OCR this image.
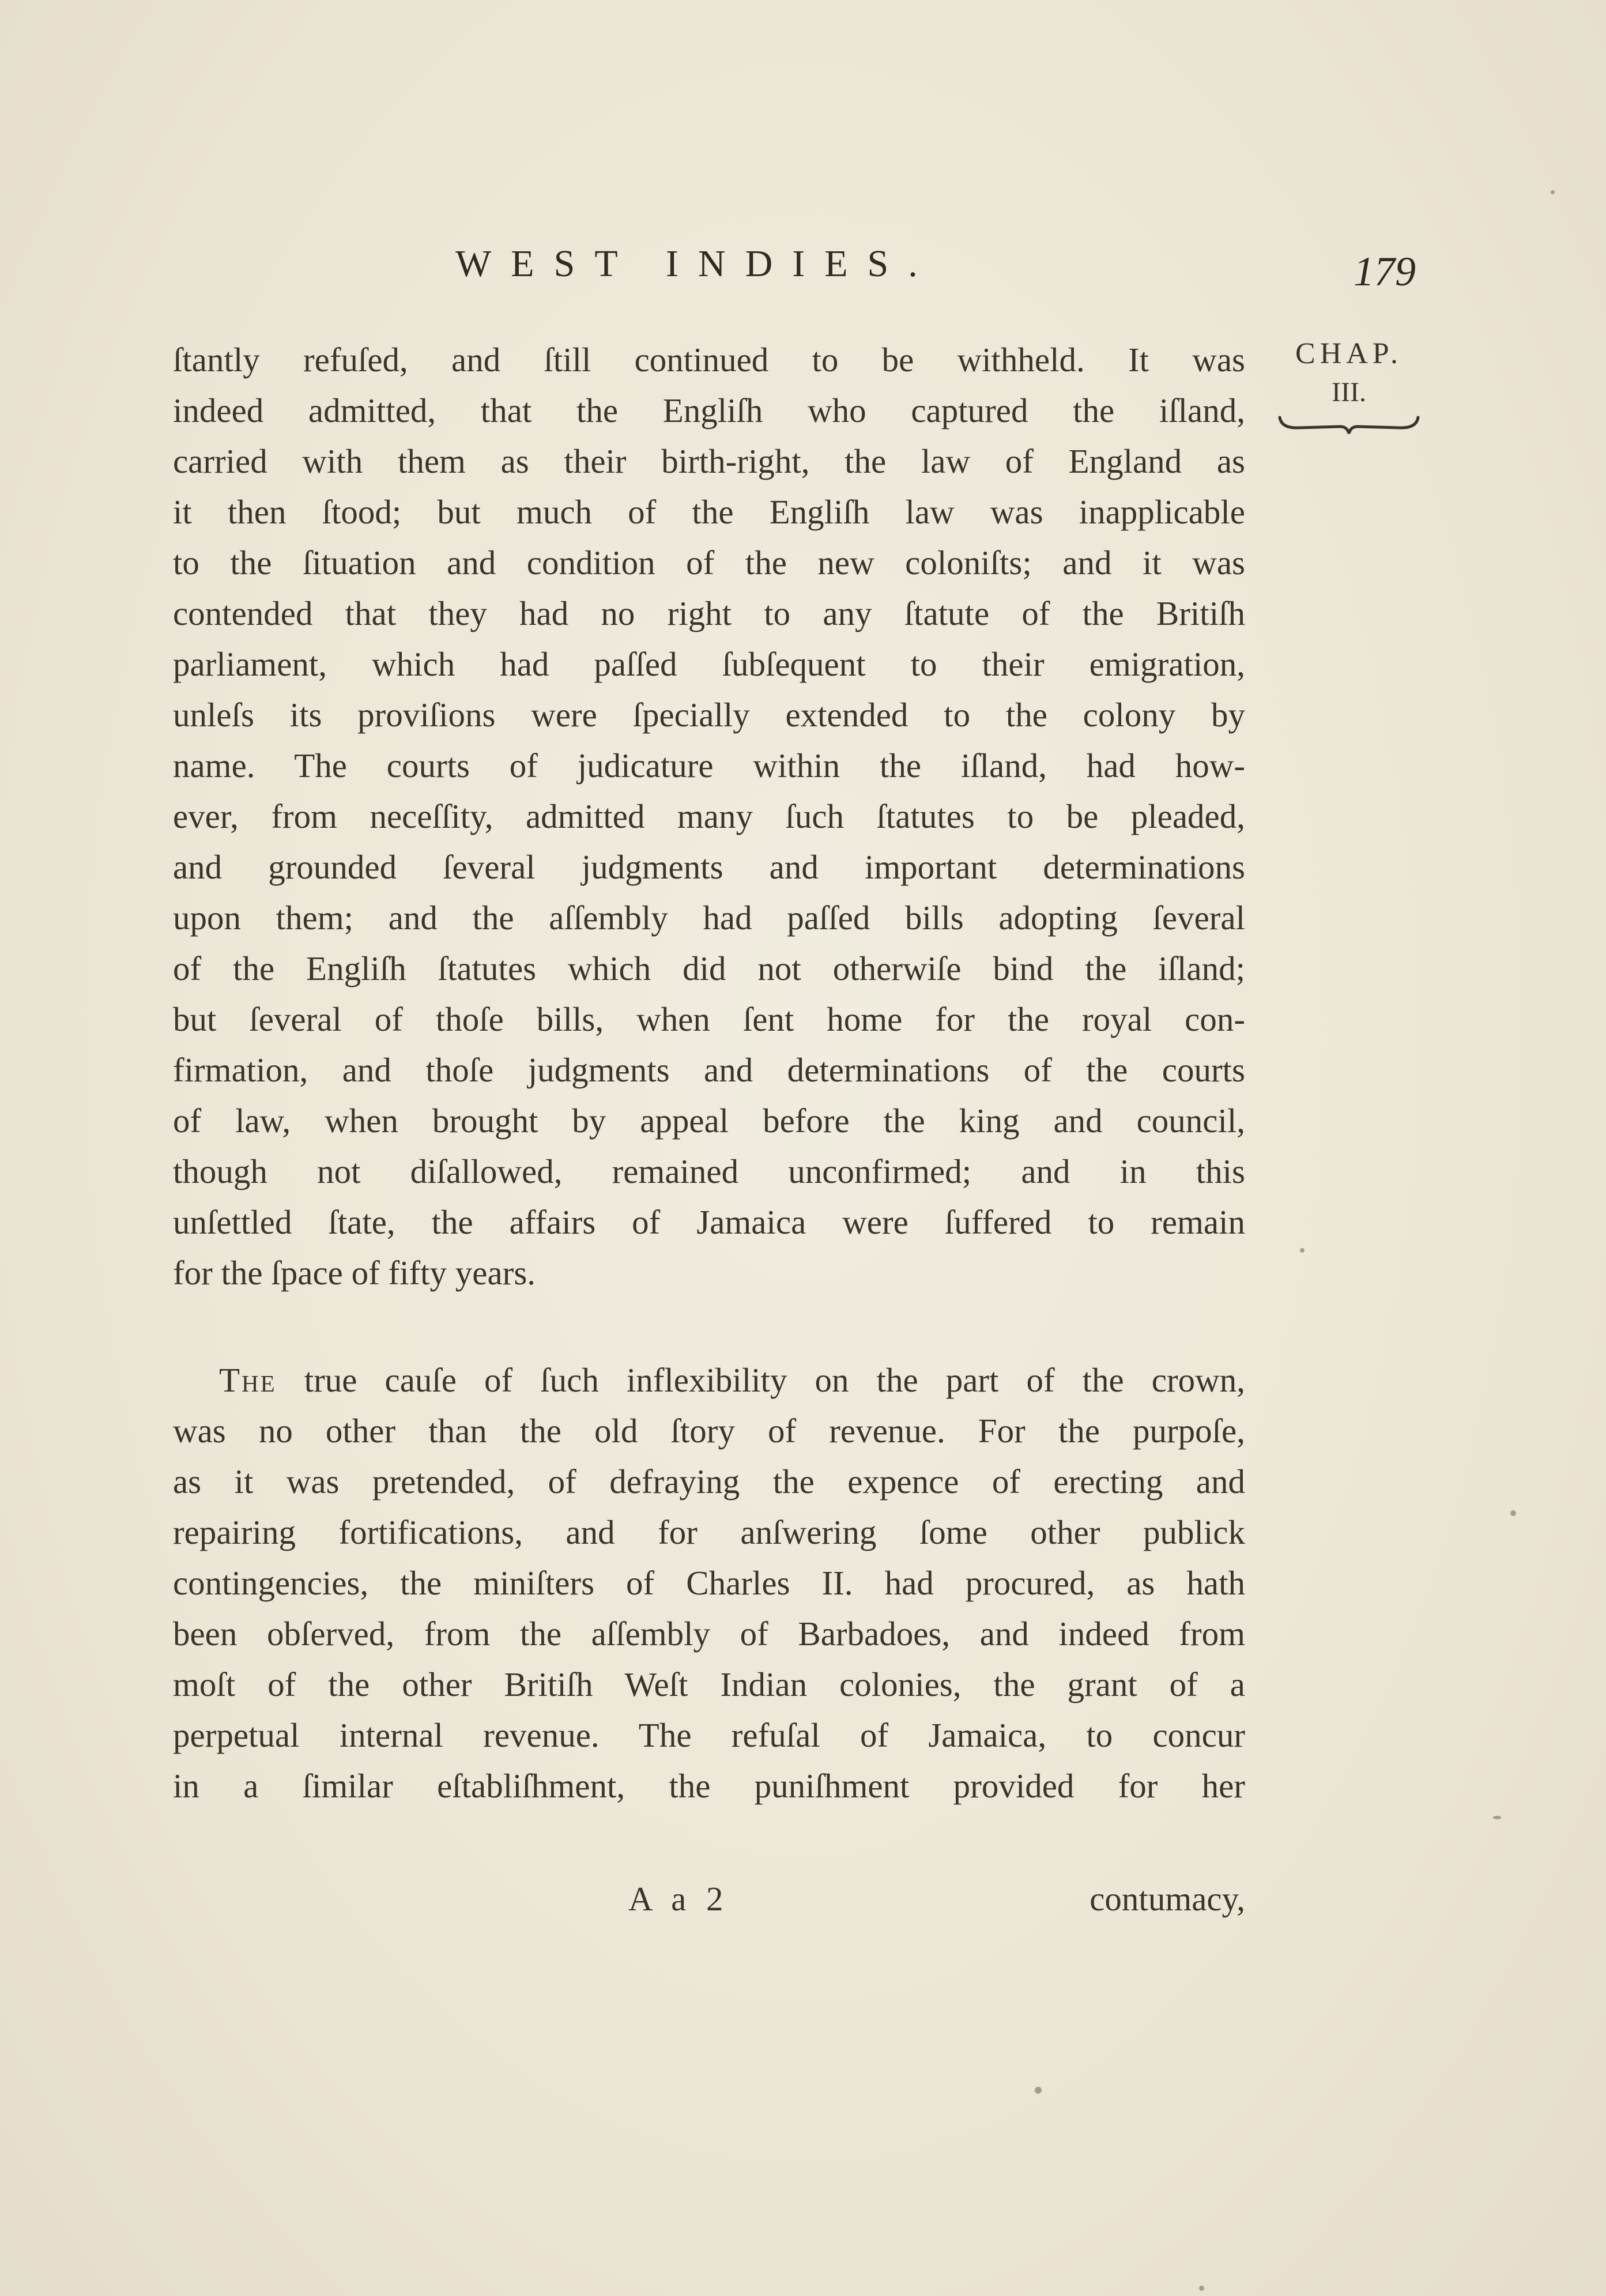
WEST INDIES.	179
CHAP.
III.
ſtantly refuſed, and ſtill continued to be withheld. It was
indeed admitted, that the Engliſh who captured the iſland,
carried with them as their birth-right, the law of England as
it then ſtood; but much of the Engliſh law was inapplicable
to the ſituation and condition of the new coloniſts; and it was
contended that they had no right to any ſtatute of the Britiſh
parliament, which had paſſed ſubſequent to their emigration,
unleſs its proviſions were ſpecially extended to the colony by
name. The courts of judicature within the iſland, had how-
ever, from neceſſity, admitted many ſuch ſtatutes to be pleaded,
and grounded ſeveral judgments and important determinations
upon them; and the aſſembly had paſſed bills adopting ſeveral
of the Engliſh ſtatutes which did not otherwiſe bind the iſland;
but ſeveral of thoſe bills, when ſent home for the royal con-
firmation, and thoſe judgments and determinations of the courts
of law, when brought by appeal before the king and council,
though not diſallowed, remained unconfirmed; and in this
unſettled ſtate, the affairs of Jamaica were ſuffered to remain
for the ſpace of fifty years.
The true cauſe of ſuch inflexibility on the part of the crown,
was no other than the old ſtory of revenue. For the purpoſe,
as it was pretended, of defraying the expence of erecting and
repairing fortifications, and for anſwering ſome other publick
contingencies, the miniſters of Charles II. had procured, as hath
been obſerved, from the aſſembly of Barbadoes, and indeed from
moſt of the other Britiſh Weſt Indian colonies, the grant of a
perpetual internal revenue. The refuſal of Jamaica, to concur
in a ſimilar eſtabliſhment, the puniſhment provided for her
A a 2	contumacy,
